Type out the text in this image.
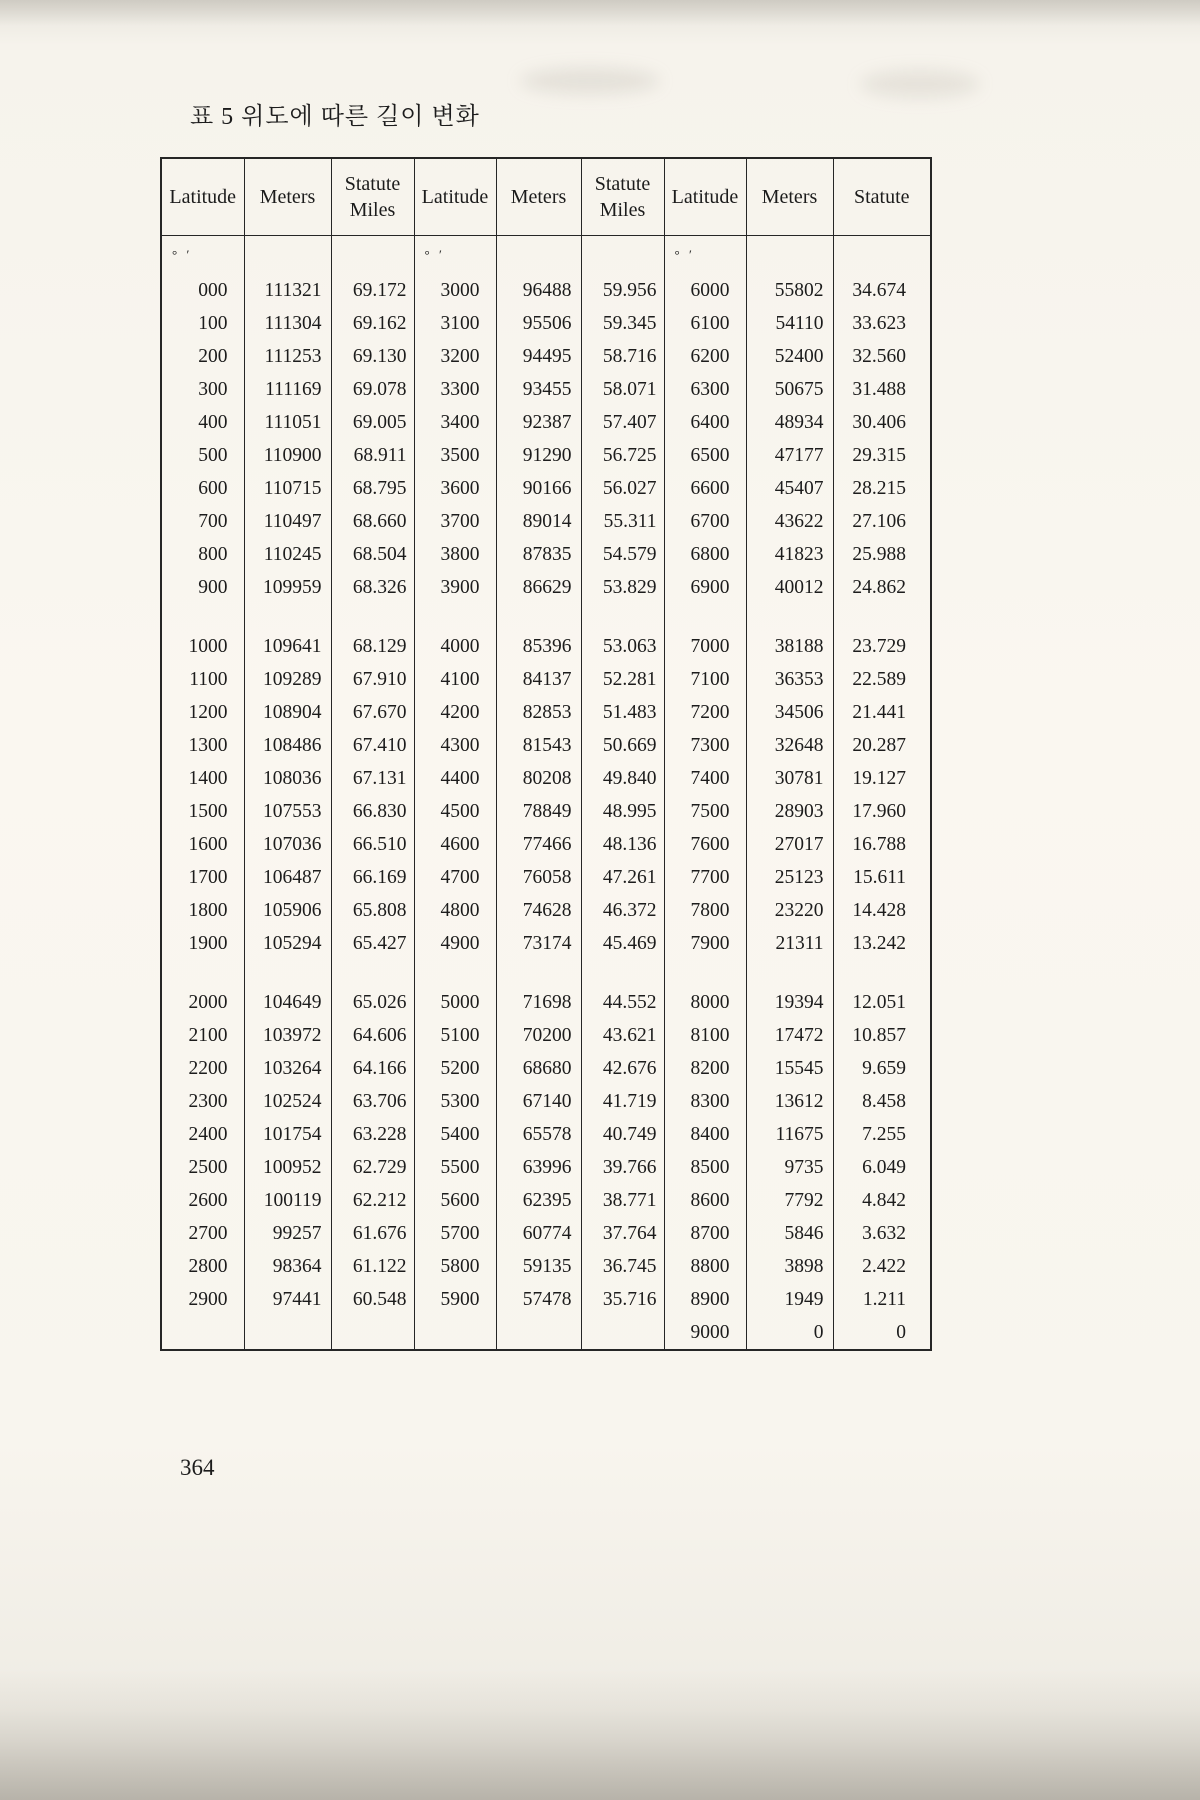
표 5 위도에 따른 길이 변화
Latitude	Meters	Statute Miles	Latitude	Meters	Statute Miles	Latitude	Meters	Statute
° ′			° ′			° ′		
000	111321	69.172	3000	96488	59.956	6000	55802	34.674
100	111304	69.162	3100	95506	59.345	6100	54110	33.623
200	111253	69.130	3200	94495	58.716	6200	52400	32.560
300	111169	69.078	3300	93455	58.071	6300	50675	31.488
400	111051	69.005	3400	92387	57.407	6400	48934	30.406
500	110900	68.911	3500	91290	56.725	6500	47177	29.315
600	110715	68.795	3600	90166	56.027	6600	45407	28.215
700	110497	68.660	3700	89014	55.311	6700	43622	27.106
800	110245	68.504	3800	87835	54.579	6800	41823	25.988
900	109959	68.326	3900	86629	53.829	6900	40012	24.862

1000	109641	68.129	4000	85396	53.063	7000	38188	23.729
1100	109289	67.910	4100	84137	52.281	7100	36353	22.589
1200	108904	67.670	4200	82853	51.483	7200	34506	21.441
1300	108486	67.410	4300	81543	50.669	7300	32648	20.287
1400	108036	67.131	4400	80208	49.840	7400	30781	19.127
1500	107553	66.830	4500	78849	48.995	7500	28903	17.960
1600	107036	66.510	4600	77466	48.136	7600	27017	16.788
1700	106487	66.169	4700	76058	47.261	7700	25123	15.611
1800	105906	65.808	4800	74628	46.372	7800	23220	14.428
1900	105294	65.427	4900	73174	45.469	7900	21311	13.242

2000	104649	65.026	5000	71698	44.552	8000	19394	12.051
2100	103972	64.606	5100	70200	43.621	8100	17472	10.857
2200	103264	64.166	5200	68680	42.676	8200	15545	9.659
2300	102524	63.706	5300	67140	41.719	8300	13612	8.458
2400	101754	63.228	5400	65578	40.749	8400	11675	7.255
2500	100952	62.729	5500	63996	39.766	8500	9735	6.049
2600	100119	62.212	5600	62395	38.771	8600	7792	4.842
2700	99257	61.676	5700	60774	37.764	8700	5846	3.632
2800	98364	61.122	5800	59135	36.745	8800	3898	2.422
2900	97441	60.548	5900	57478	35.716	8900	1949	1.211
						9000	0	0
364
